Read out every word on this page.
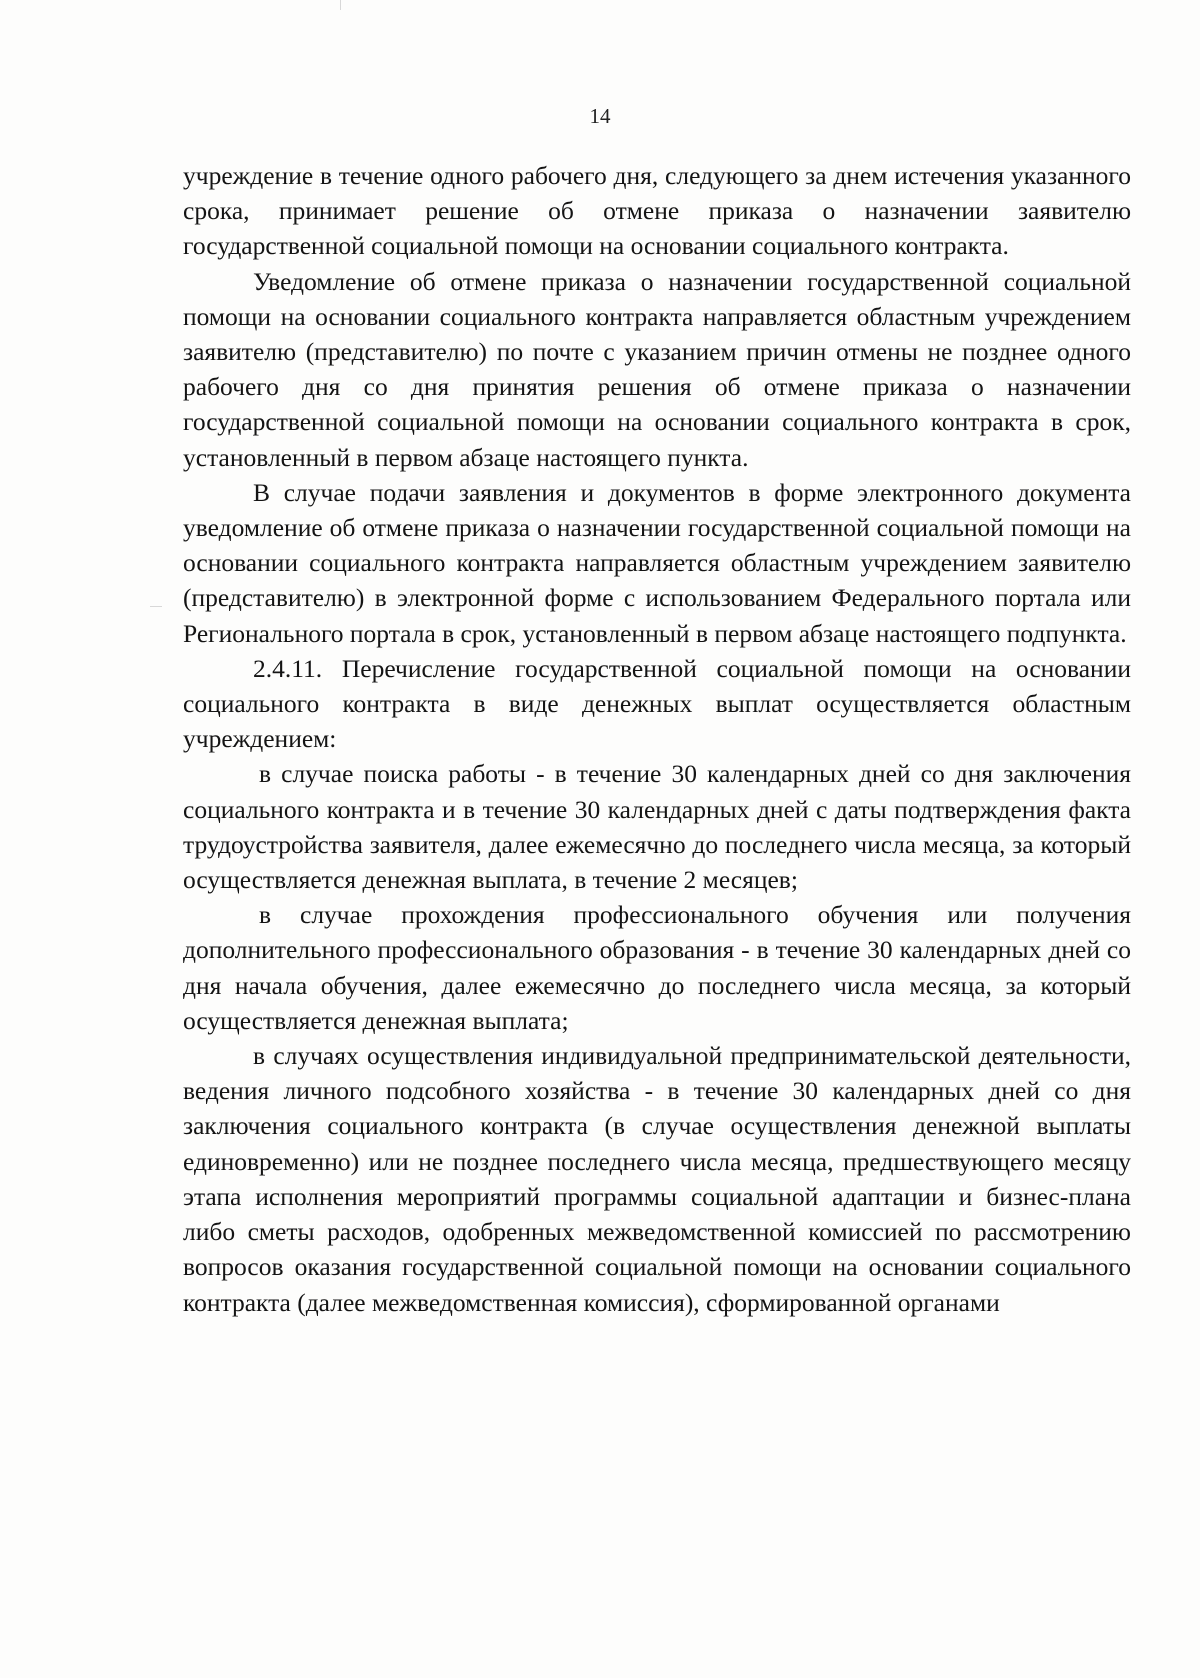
14

учреждение в течение одного рабочего дня, следующего за днем истечения указанного срока, принимает решение об отмене приказа о назначении заявителю государственной социальной помощи на основании социального контракта.

Уведомление об отмене приказа о назначении государственной социальной помощи на основании социального контракта направляется областным учреждением заявителю (представителю) по почте с указанием причин отмены не позднее одного рабочего дня со дня принятия решения об отмене приказа о назначении государственной социальной помощи на основании социального контракта в срок, установленный в первом абзаце настоящего пункта.

В случае подачи заявления и документов в форме электронного документа уведомление об отмене приказа о назначении государственной социальной помощи на основании социального контракта направляется областным учреждением заявителю (представителю) в электронной форме с использованием Федерального портала или Регионального портала в срок, установленный в первом абзаце настоящего подпункта.

2.4.11. Перечисление государственной социальной помощи на основании социального контракта в виде денежных выплат осуществляется областным учреждением:

в случае поиска работы - в течение 30 календарных дней со дня заключения социального контракта и в течение 30 календарных дней с даты подтверждения факта трудоустройства заявителя, далее ежемесячно до последнего числа месяца, за который осуществляется денежная выплата, в течение 2 месяцев;

в случае прохождения профессионального обучения или получения дополнительного профессионального образования - в течение 30 календарных дней со дня начала обучения, далее ежемесячно до последнего числа месяца, за который осуществляется денежная выплата;

в случаях осуществления индивидуальной предпринимательской деятельности, ведения личного подсобного хозяйства - в течение 30 календарных дней со дня заключения социального контракта (в случае осуществления денежной выплаты единовременно) или не позднее последнего числа месяца, предшествующего месяцу этапа исполнения мероприятий программы социальной адаптации и бизнес-плана либо сметы расходов, одобренных межведомственной комиссией по рассмотрению вопросов оказания государственной социальной помощи на основании социального контракта (далее межведомственная комиссия), сформированной органами
